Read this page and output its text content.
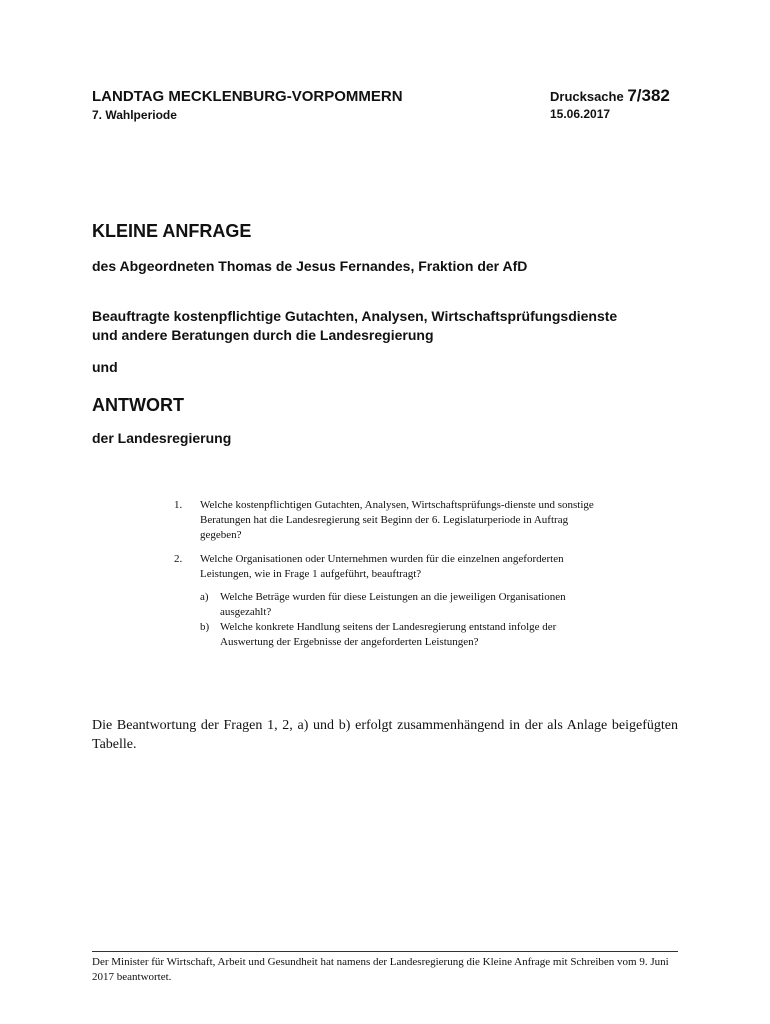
LANDTAG MECKLENBURG-VORPOMMERN
7. Wahlperiode
Drucksache 7/382
15.06.2017
KLEINE ANFRAGE
des Abgeordneten Thomas de Jesus Fernandes, Fraktion der AfD
Beauftragte kostenpflichtige Gutachten, Analysen, Wirtschaftsprüfungsdienste
und andere Beratungen durch die Landesregierung
und
ANTWORT
der Landesregierung
1.	Welche kostenpflichtigen Gutachten, Analysen, Wirtschaftsprüfungs-dienste und sonstige Beratungen hat die Landesregierung seit Beginn der 6. Legislaturperiode in Auftrag gegeben?
2.	Welche Organisationen oder Unternehmen wurden für die einzelnen angeforderten Leistungen, wie in Frage 1 aufgeführt, beauftragt?
a)	Welche Beträge wurden für diese Leistungen an die jeweiligen Organisationen ausgezahlt?
b) Welche konkrete Handlung seitens der Landesregierung entstand infolge der Auswertung der Ergebnisse der angeforderten Leistungen?
Die Beantwortung der Fragen 1, 2, a) und b) erfolgt zusammenhängend in der als Anlage beigefügten Tabelle.
Der Minister für Wirtschaft, Arbeit und Gesundheit hat namens der Landesregierung die Kleine Anfrage mit Schreiben vom 9. Juni 2017 beantwortet.
